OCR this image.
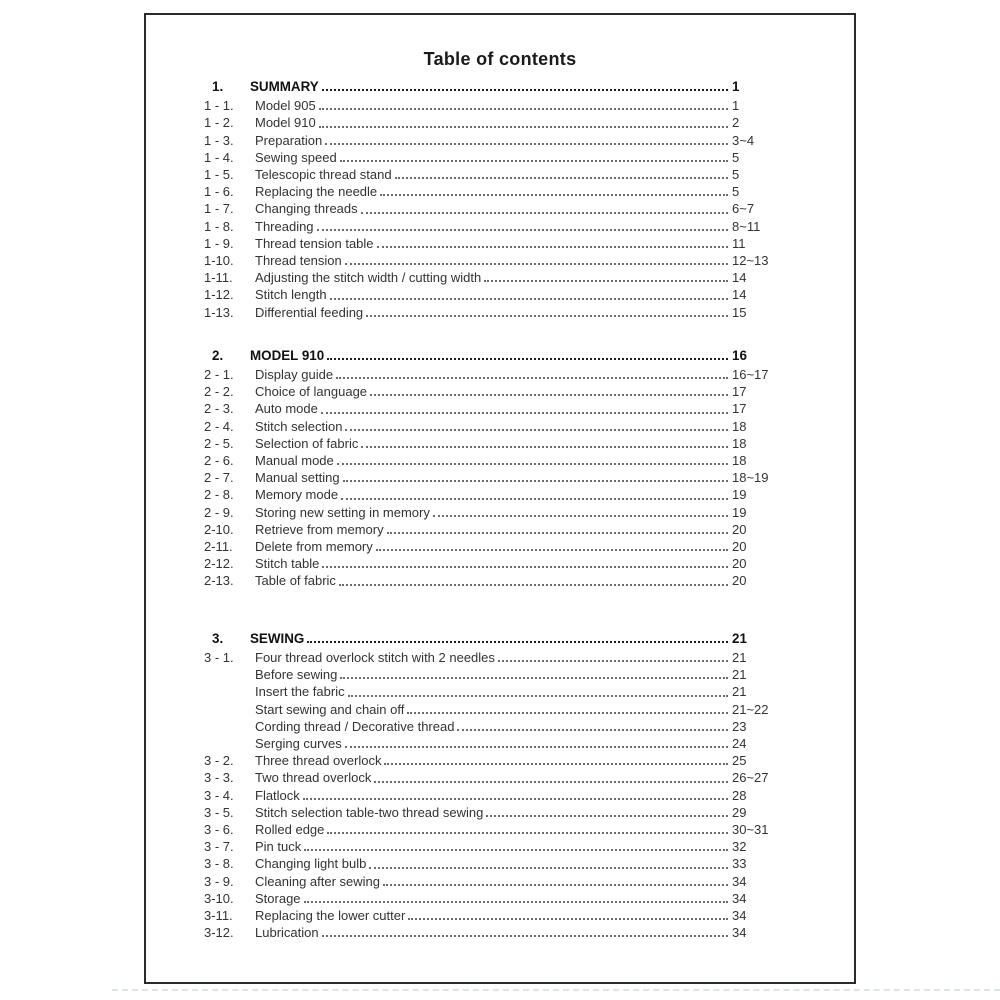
Table of contents
1.	SUMMARY	1
1 - 1.	Model 905	1
1 - 2.	Model 910	2
1 - 3.	Preparation	3~4
1 - 4.	Sewing speed	5
1 - 5.	Telescopic thread stand	5
1 - 6.	Replacing the needle	5
1 - 7.	Changing threads	6~7
1 - 8.	Threading	8~11
1 - 9.	Thread tension table	11
1-10.	Thread tension	12~13
1-11.	Adjusting the stitch width / cutting width	14
1-12.	Stitch length	14
1-13.	Differential feeding	15
2.	MODEL 910	16
2 - 1.	Display guide	16~17
2 - 2.	Choice of language	17
2 - 3.	Auto mode	17
2 - 4.	Stitch selection	18
2 - 5.	Selection of fabric	18
2 - 6.	Manual mode	18
2 - 7.	Manual setting	18~19
2 - 8.	Memory mode	19
2 - 9.	Storing new setting in memory	19
2-10.	Retrieve from memory	20
2-11.	Delete from memory	20
2-12.	Stitch table	20
2-13.	Table of fabric	20
3.	SEWING	21
3 - 1.	Four thread overlock stitch with 2 needles	21
Before sewing	21
Insert the fabric	21
Start sewing and chain off	21~22
Cording thread / Decorative thread	23
Serging curves	24
3 - 2.	Three thread overlock	25
3 - 3.	Two thread overlock	26~27
3 - 4.	Flatlock	28
3 - 5.	Stitch selection table-two thread sewing	29
3 - 6.	Rolled edge	30~31
3 - 7.	Pin tuck	32
3 - 8.	Changing light bulb	33
3 - 9.	Cleaning after sewing	34
3-10.	Storage	34
3-11.	Replacing the lower cutter	34
3-12.	Lubrication	34
